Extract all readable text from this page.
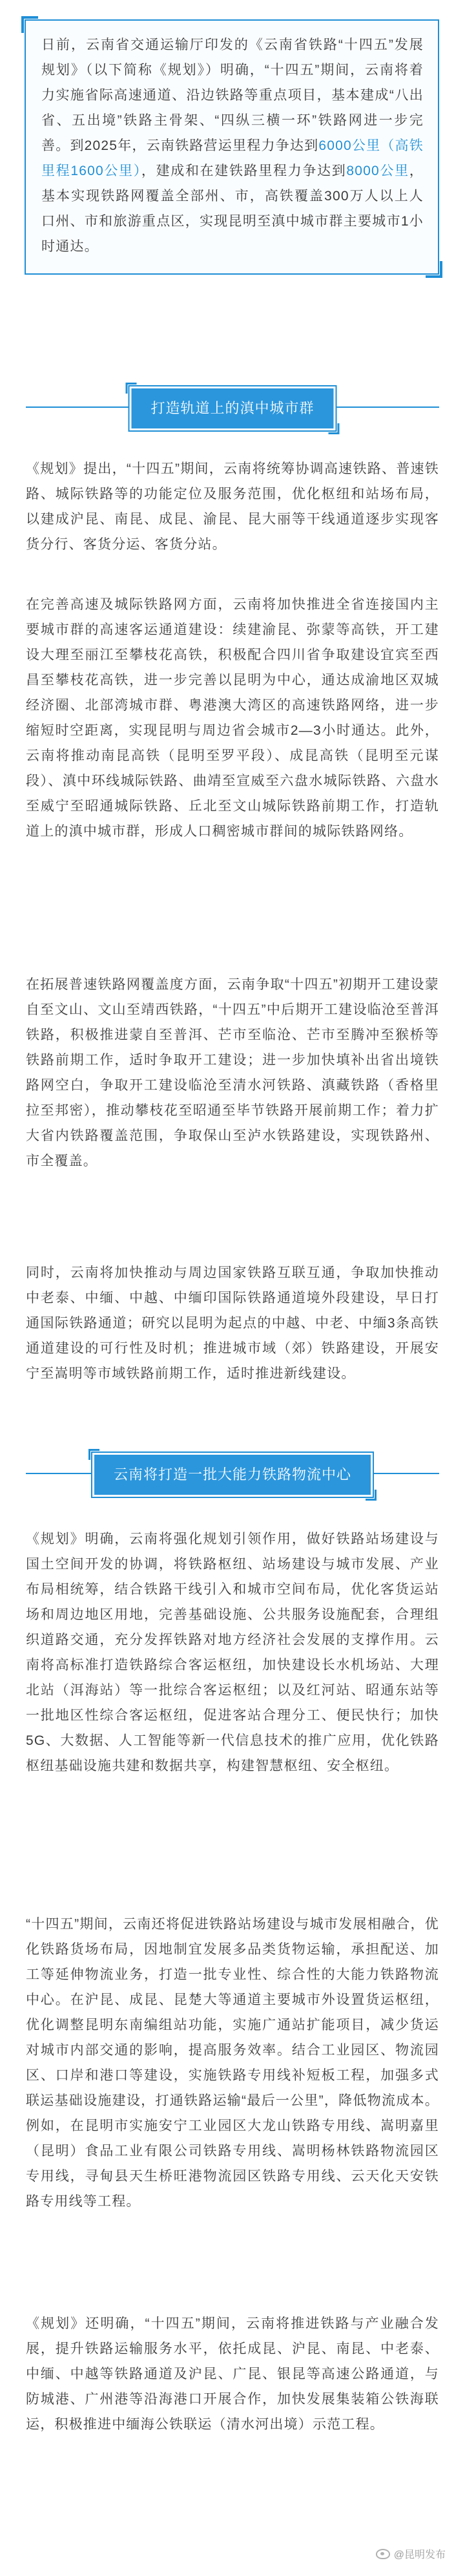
日前，云南省交通运输厅印发的《云南省铁路“十四五”发展规划》（以下简称《规划》）明确，“十四五”期间，云南将着力实施省际高速通道、沿边铁路等重点项目，基本建成“八出省、五出境”铁路主骨架、“四纵三横一环”铁路网进一步完善。到2025年，云南铁路营运里程力争达到6000公里（高铁里程1600公里），建成和在建铁路里程力争达到8000公里，基本实现铁路网覆盖全部州、市，高铁覆盖300万人以上人口州、市和旅游重点区，实现昆明至滇中城市群主要城市1小时通达。

打造轨道上的滇中城市群

《规划》提出，“十四五”期间，云南将统筹协调高速铁路、普速铁路、城际铁路等的功能定位及服务范围，优化枢纽和站场布局，以建成沪昆、南昆、成昆、渝昆、昆大丽等干线通道逐步实现客货分行、客货分运、客货分站。

在完善高速及城际铁路网方面，云南将加快推进全省连接国内主要城市群的高速客运通道建设：续建渝昆、弥蒙等高铁，开工建设大理至丽江至攀枝花高铁，积极配合四川省争取建设宜宾至西昌至攀枝花高铁，进一步完善以昆明为中心，通达成渝地区双城经济圈、北部湾城市群、粤港澳大湾区的高速铁路网络，进一步缩短时空距离，实现昆明与周边省会城市2—3小时通达。此外，云南将推动南昆高铁（昆明至罗平段）、成昆高铁（昆明至元谋段）、滇中环线城际铁路、曲靖至宣威至六盘水城际铁路、六盘水至威宁至昭通城际铁路、丘北至文山城际铁路前期工作，打造轨道上的滇中城市群，形成人口稠密城市群间的城际铁路网络。

在拓展普速铁路网覆盖度方面，云南争取“十四五”初期开工建设蒙自至文山、文山至靖西铁路，“十四五”中后期开工建设临沧至普洱铁路，积极推进蒙自至普洱、芒市至临沧、芒市至腾冲至猴桥等铁路前期工作，适时争取开工建设；进一步加快填补出省出境铁路网空白，争取开工建设临沧至清水河铁路、滇藏铁路（香格里拉至邦密），推动攀枝花至昭通至毕节铁路开展前期工作；着力扩大省内铁路覆盖范围，争取保山至泸水铁路建设，实现铁路州、市全覆盖。

同时，云南将加快推动与周边国家铁路互联互通，争取加快推动中老泰、中缅、中越、中缅印国际铁路通道境外段建设，早日打通国际铁路通道；研究以昆明为起点的中越、中老、中缅3条高铁通道建设的可行性及时机；推进城市域（郊）铁路建设，开展安宁至嵩明等市域铁路前期工作，适时推进新线建设。

云南将打造一批大能力铁路物流中心

《规划》明确，云南将强化规划引领作用，做好铁路站场建设与国土空间开发的协调，将铁路枢纽、站场建设与城市发展、产业布局相统筹，结合铁路干线引入和城市空间布局，优化客货运站场和周边地区用地，完善基础设施、公共服务设施配套，合理组织道路交通，充分发挥铁路对地方经济社会发展的支撑作用。云南将高标准打造铁路综合客运枢纽，加快建设长水机场站、大理北站（洱海站）等一批综合客运枢纽；以及红河站、昭通东站等一批地区性综合客运枢纽，促进客站合理分工、便民快行；加快5G、大数据、人工智能等新一代信息技术的推广应用，优化铁路枢纽基础设施共建和数据共享，构建智慧枢纽、安全枢纽。

“十四五”期间，云南还将促进铁路站场建设与城市发展相融合，优化铁路货场布局，因地制宜发展多品类货物运输，承担配送、加工等延伸物流业务，打造一批专业性、综合性的大能力铁路物流中心。在沪昆、成昆、昆楚大等通道主要城市外设置货运枢纽，优化调整昆明东南编组站功能，实施广通站扩能项目，减少货运对城市内部交通的影响，提高服务效率。结合工业园区、物流园区、口岸和港口等建设，实施铁路专用线补短板工程，加强多式联运基础设施建设，打通铁路运输“最后一公里”，降低物流成本。例如，在昆明市实施安宁工业园区大龙山铁路专用线、嵩明嘉里（昆明）食品工业有限公司铁路专用线、嵩明杨林铁路物流园区专用线，寻甸县天生桥旺港物流园区铁路专用线、云天化天安铁路专用线等工程。

《规划》还明确，“十四五”期间，云南将推进铁路与产业融合发展，提升铁路运输服务水平，依托成昆、沪昆、南昆、中老泰、中缅、中越等铁路通道及沪昆、广昆、银昆等高速公路通道，与防城港、广州港等沿海港口开展合作，加快发展集装箱公铁海联运，积极推进中缅海公铁联运（清水河出境）示范工程。

@昆明发布
